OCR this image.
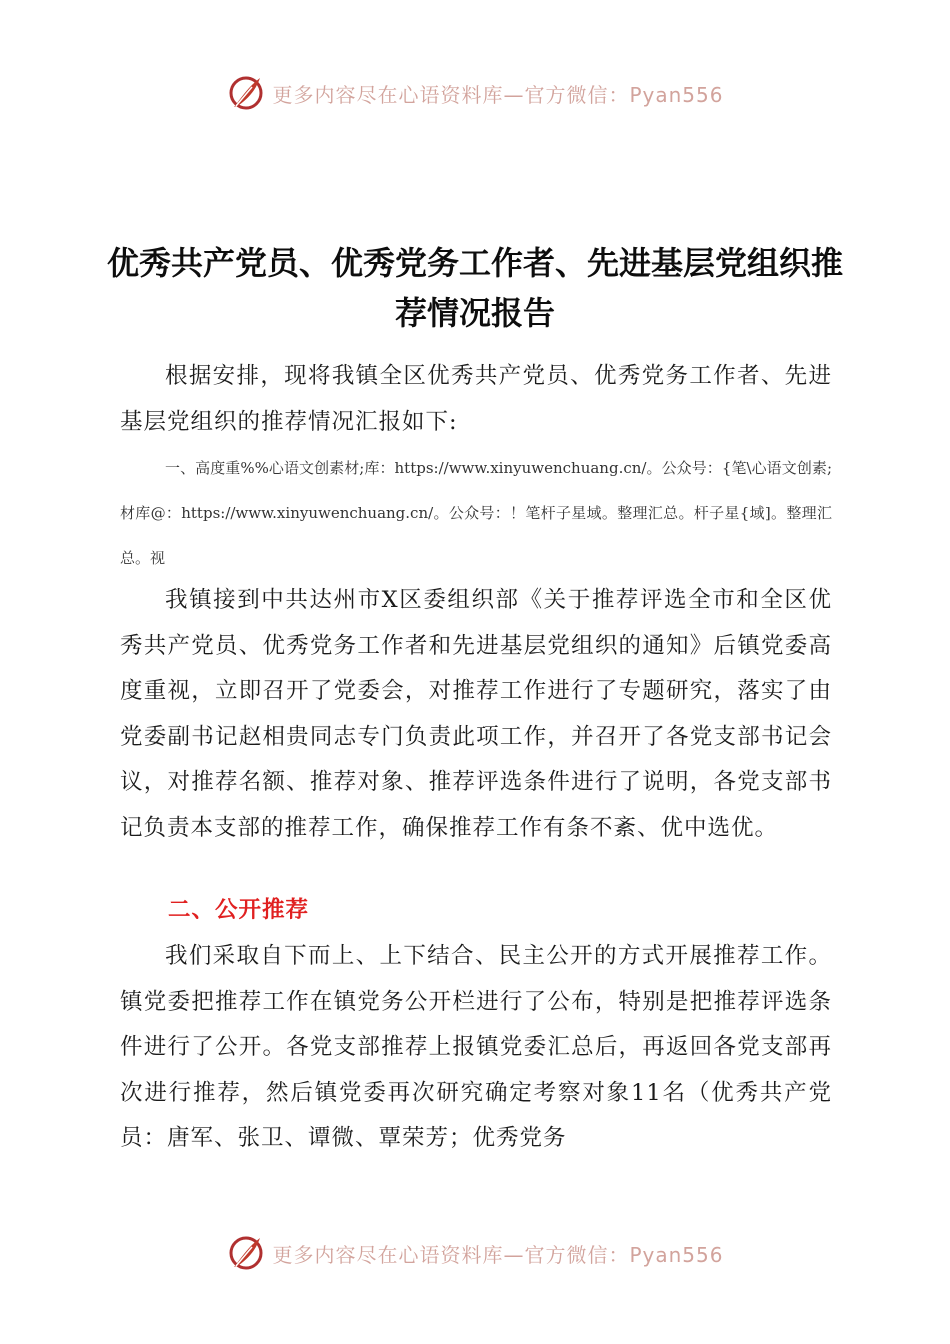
更多内容尽在心语资料库—官方微信：Pyan556
优秀共产党员、优秀党务工作者、先进基层党组织推荐情况报告

根据安排，现将我镇全区优秀共产党员、优秀党务工作者、先进基层党组织的推荐情况汇报如下:

一、高度重%%心语文创素材;库：https://www.xinyuwenchuang.cn/。公众号：{笔\心语文创素;材库@：https://www.xinyuwenchuang.cn/。公众号：！笔杆子星域。整理汇总。杆子星{域]。整理汇总。视

我镇接到中共达州市X区委组织部《关于推荐评选全市和全区优秀共产党员、优秀党务工作者和先进基层党组织的通知》后镇党委高度重视，立即召开了党委会，对推荐工作进行了专题研究，落实了由党委副书记赵相贵同志专门负责此项工作，并召开了各党支部书记会议，对推荐名额、推荐对象、推荐评选条件进行了说明，各党支部书记负责本支部的推荐工作，确保推荐工作有条不紊、优中选优。

二、公开推荐

我们采取自下而上、上下结合、民主公开的方式开展推荐工作。镇党委把推荐工作在镇党务公开栏进行了公布，特别是把推荐评选条件进行了公开。各党支部推荐上报镇党委汇总后，再返回各党支部再次进行推荐，然后镇党委再次研究确定考察对象11名（优秀共产党员：唐军、张卫、谭微、覃荣芳；优秀党务

更多内容尽在心语资料库—官方微信：Pyan556
